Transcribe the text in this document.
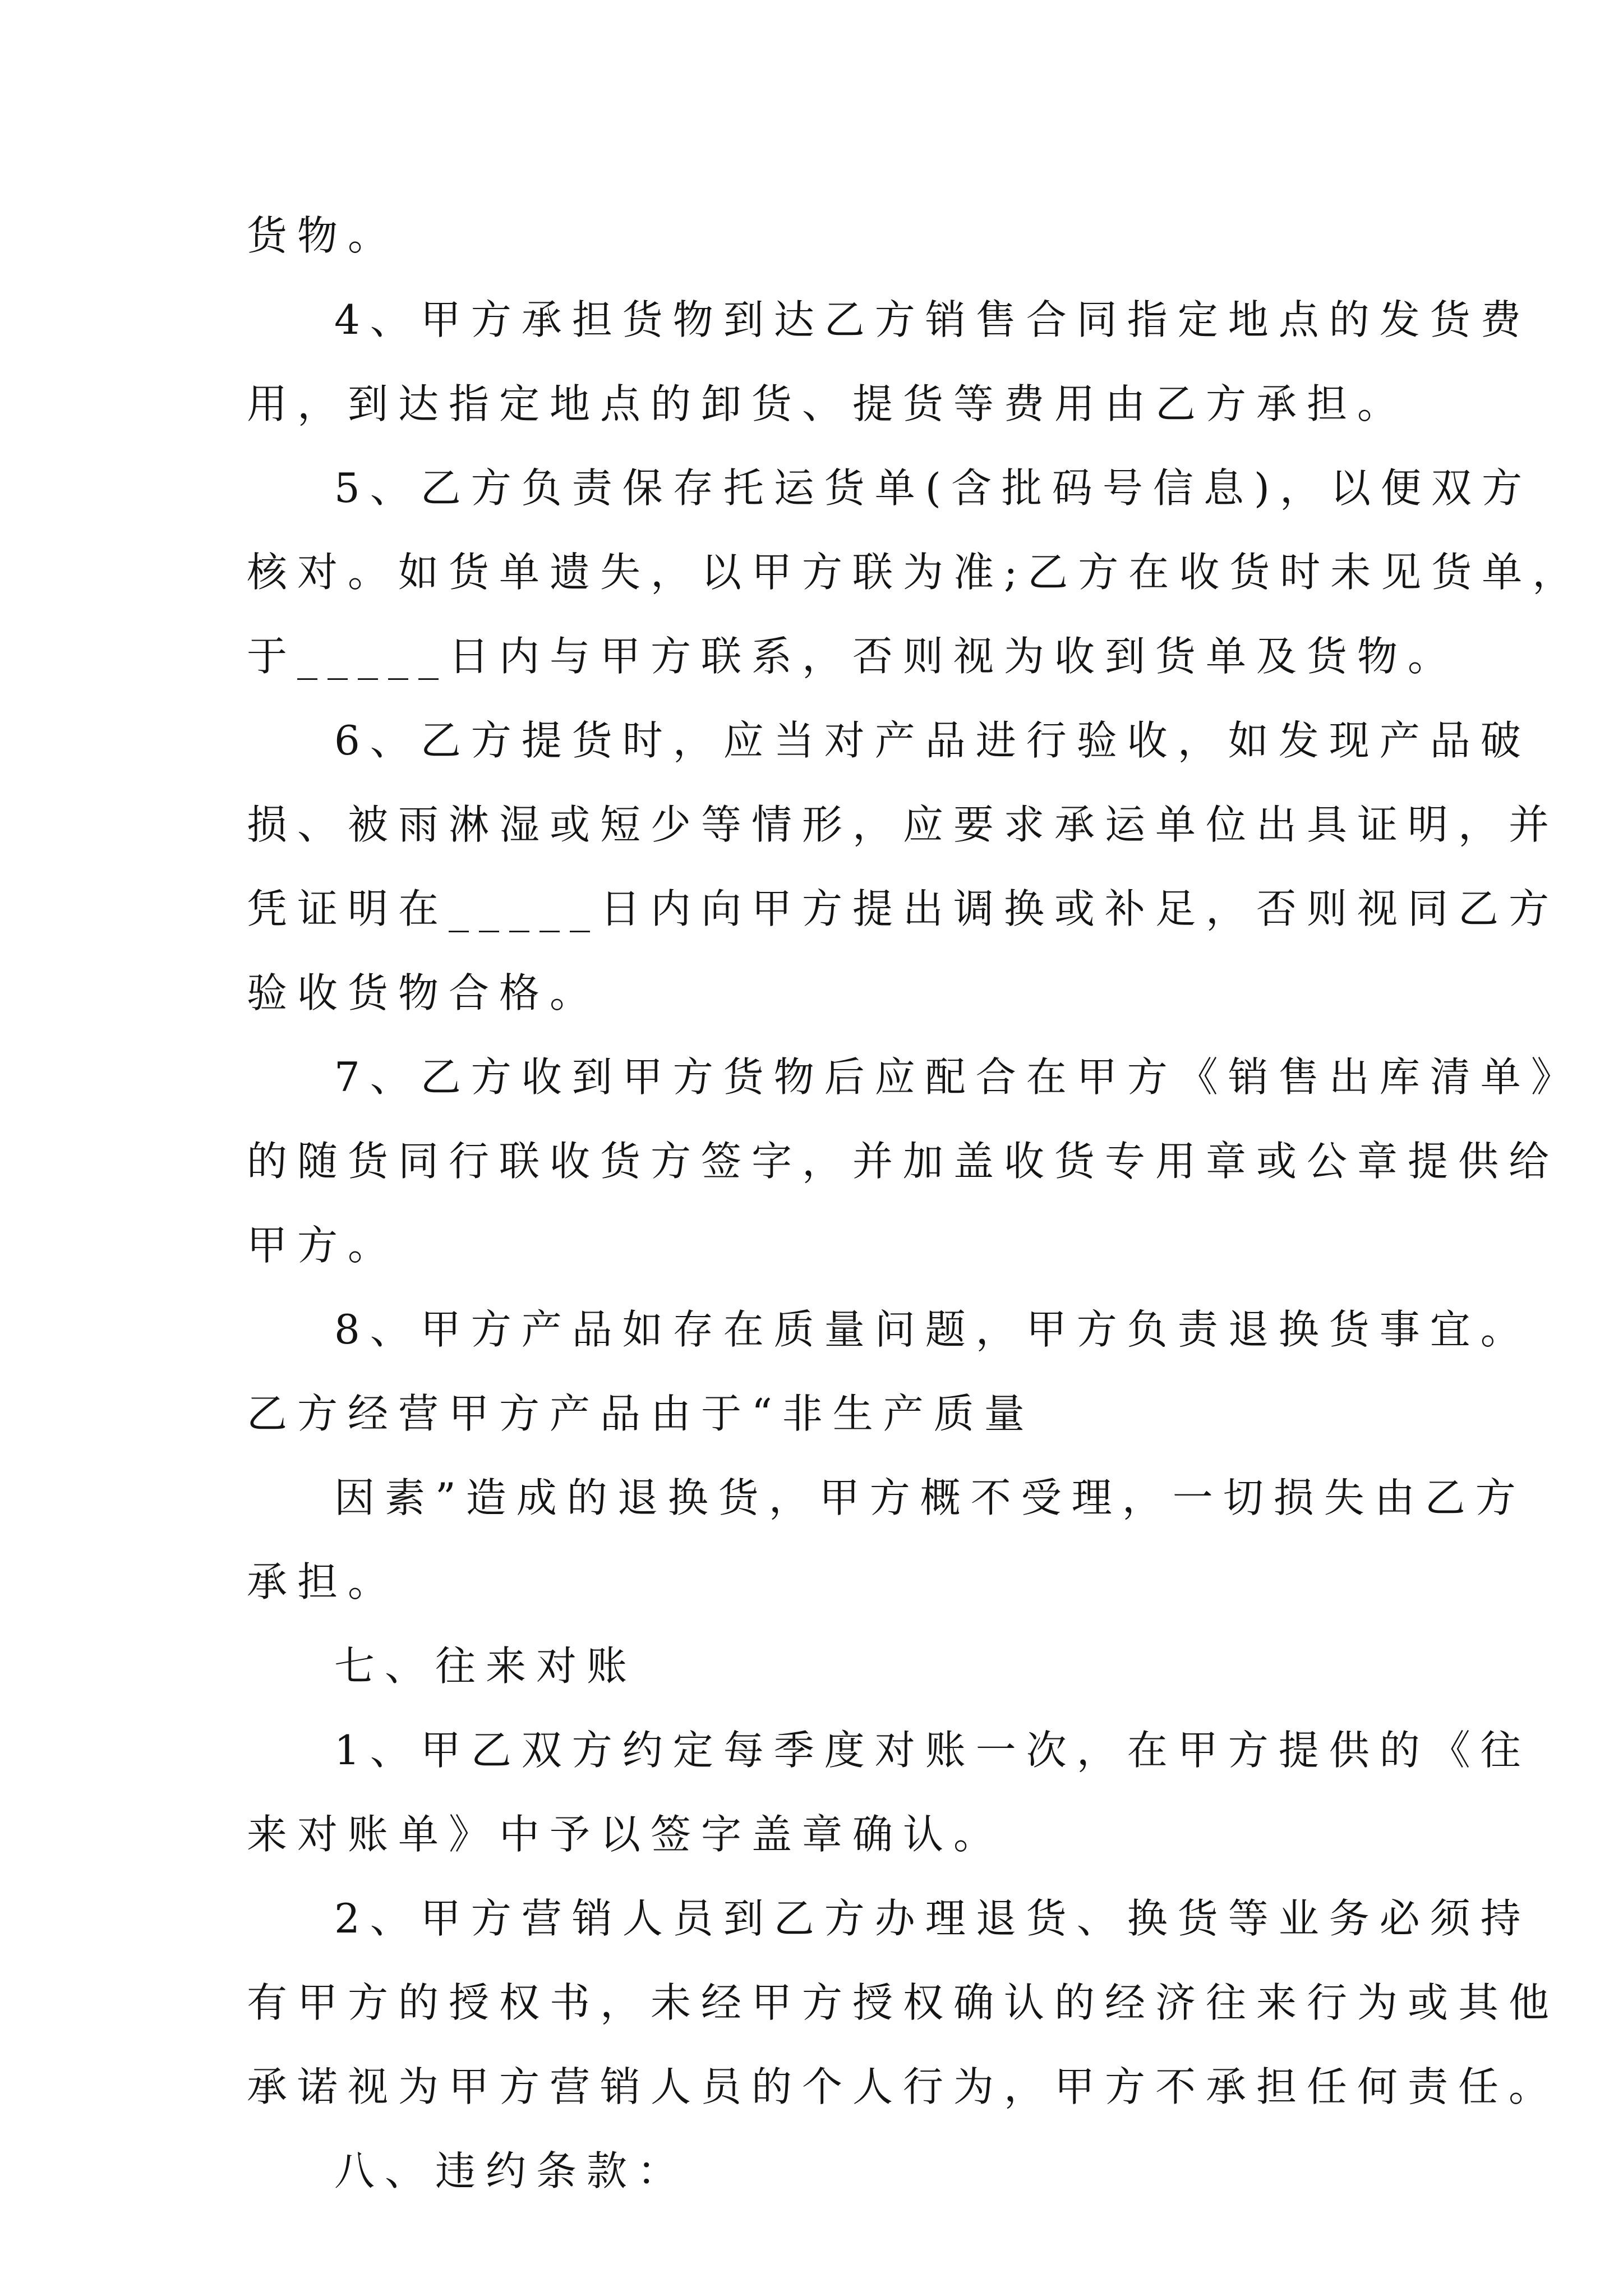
货物。
4、甲方承担货物到达乙方销售合同指定地点的发货费
用，到达指定地点的卸货、提货等费用由乙方承担。
5、乙方负责保存托运货单(含批码号信息)，以便双方
核对。如货单遗失，以甲方联为准;乙方在收货时未见货单，
于_____日内与甲方联系，否则视为收到货单及货物。
6、乙方提货时，应当对产品进行验收，如发现产品破
损、被雨淋湿或短少等情形，应要求承运单位出具证明，并
凭证明在_____日内向甲方提出调换或补足，否则视同乙方
验收货物合格。
7、乙方收到甲方货物后应配合在甲方《销售出库清单》
的随货同行联收货方签字，并加盖收货专用章或公章提供给
甲方。
8、甲方产品如存在质量问题，甲方负责退换货事宜。
乙方经营甲方产品由于“非生产质量
因素”造成的退换货，甲方概不受理，一切损失由乙方
承担。
七、往来对账
1、甲乙双方约定每季度对账一次，在甲方提供的《往
来对账单》中予以签字盖章确认。
2、甲方营销人员到乙方办理退货、换货等业务必须持
有甲方的授权书，未经甲方授权确认的经济往来行为或其他
承诺视为甲方营销人员的个人行为，甲方不承担任何责任。
八、违约条款：
